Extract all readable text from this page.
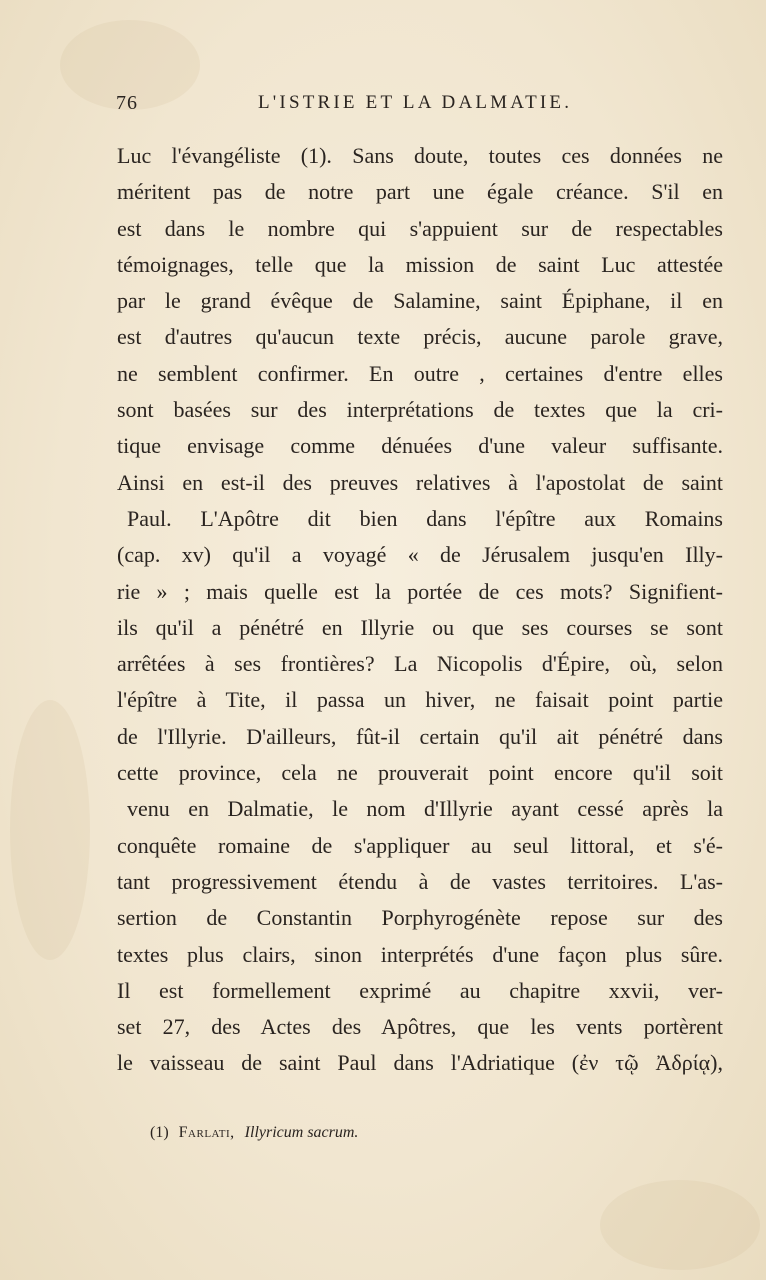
76	L'ISTRIE ET LA DALMATIE.
Luc l'évangéliste (1). Sans doute, toutes ces données ne
méritent pas de notre part une égale créance. S'il en
est dans le nombre qui s'appuient sur de respectables
témoignages, telle que la mission de saint Luc attestée
par le grand évêque de Salamine, saint Épiphane, il en
est d'autres qu'aucun texte précis, aucune parole grave,
ne semblent confirmer. En outre , certaines d'entre elles
sont basées sur des interprétations de textes que la cri-
tique envisage comme dénuées d'une valeur suffisante.
Ainsi en est-il des preuves relatives à l'apostolat de saint
Paul. L'Apôtre dit bien dans l'épître aux Romains
(cap. xv) qu'il a voyagé « de Jérusalem jusqu'en Illy-
rie » ; mais quelle est la portée de ces mots? Signifient-
ils qu'il a pénétré en Illyrie ou que ses courses se sont
arrêtées à ses frontières? La Nicopolis d'Épire, où, selon
l'épître à Tite, il passa un hiver, ne faisait point partie
de l'Illyrie. D'ailleurs, fût-il certain qu'il ait pénétré dans
cette province, cela ne prouverait point encore qu'il soit
venu en Dalmatie, le nom d'Illyrie ayant cessé après la
conquête romaine de s'appliquer au seul littoral, et s'é-
tant progressivement étendu à de vastes territoires. L'as-
sertion de Constantin Porphyrogénète repose sur des
textes plus clairs, sinon interprétés d'une façon plus sûre.
Il est formellement exprimé au chapitre xxvii, ver-
set 27, des Actes des Apôtres, que les vents portèrent
le vaisseau de saint Paul dans l'Adriatique (ἐν τῷ Ἀδρίᾳ),
(1) Farlati, Illyricum sacrum.
